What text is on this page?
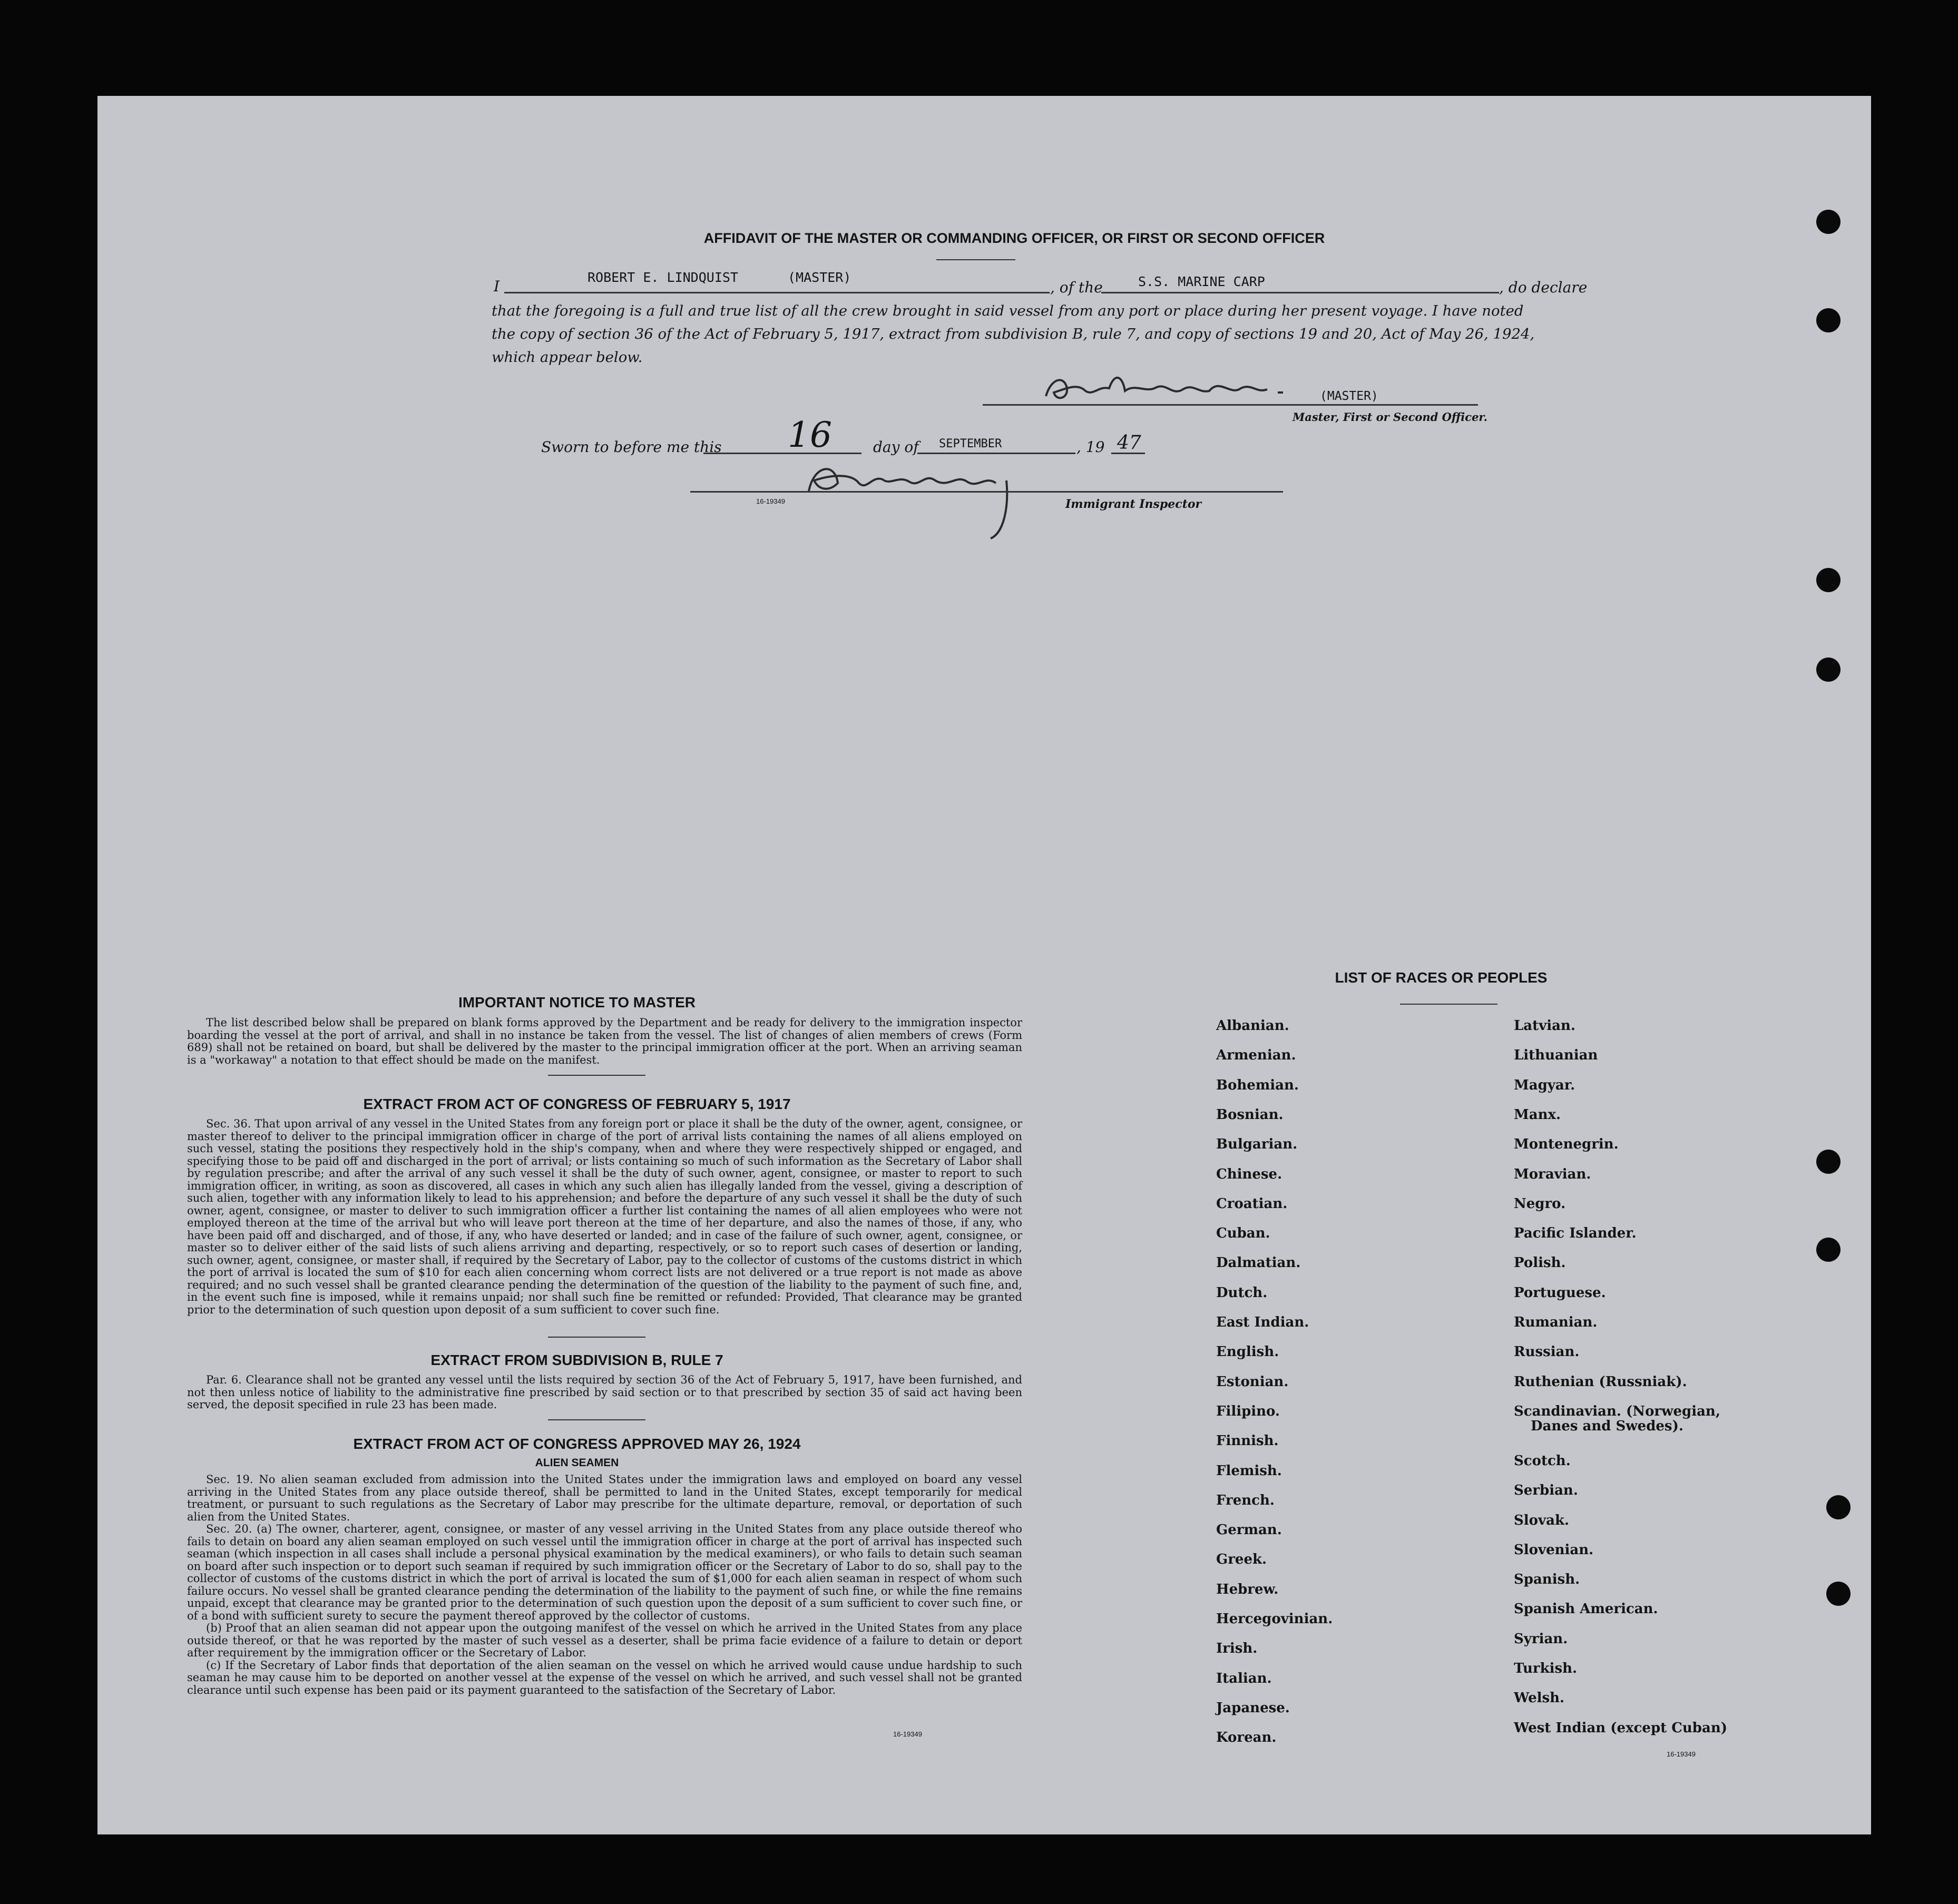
AFFIDAVIT OF THE MASTER OR COMMANDING OFFICER, OR FIRST OR SECOND OFFICER
I
ROBERT E. LINDQUIST	(MASTER)
, of the	S.S. MARINE CARP	, do declare
that the foregoing is a full and true list of all the crew brought in said vessel from any port or place during her present voyage. I have noted
the copy of section 36 of the Act of February 5, 1917, extract from subdivision B, rule 7, and copy of sections 19 and 20, Act of May 26, 1924,
which appear below.
(MASTER)
Master, First or Second Officer.
Sworn to before me this 16	day of SEPTEMBER	, 19 47
16-19349	Immigrant Inspector
IMPORTANT NOTICE TO MASTER

The list described below shall be prepared on blank forms approved by the Department and be ready for delivery to the immigration inspector boarding the vessel at the port of arrival, and shall in no instance be taken from the vessel. The list of changes of alien members of crews (Form 689) shall not be retained on board, but shall be delivered by the master to the principal immigration officer at the port. When an arriving seaman is a "workaway" a notation to that effect should be made on the manifest.

EXTRACT FROM ACT OF CONGRESS OF FEBRUARY 5, 1917

Sec. 36. That upon arrival of any vessel in the United States from any foreign port or place it shall be the duty of the owner, agent, consignee, or master thereof to deliver to the principal immigration officer in charge of the port of arrival lists containing the names of all aliens employed on such vessel, stating the positions they respectively hold in the ship's company, when and where they were respectively shipped or engaged, and specifying those to be paid off and discharged in the port of arrival; or lists containing so much of such information as the Secretary of Labor shall by regulation prescribe; and after the arrival of any such vessel it shall be the duty of such owner, agent, consignee, or master to report to such immigration officer, in writing, as soon as discovered, all cases in which any such alien has illegally landed from the vessel, giving a description of such alien, together with any information likely to lead to his apprehension; and before the departure of any such vessel it shall be the duty of such owner, agent, consignee, or master to deliver to such immigration officer a further list containing the names of all alien employees who were not employed thereon at the time of the arrival but who will leave port thereon at the time of her departure, and also the names of those, if any, who have been paid off and discharged, and of those, if any, who have deserted or landed; and in case of the failure of such owner, agent, consignee, or master so to deliver either of the said lists of such aliens arriving and departing, respectively, or so to report such cases of desertion or landing, such owner, agent, consignee, or master shall, if required by the Secretary of Labor, pay to the collector of customs of the customs district in which the port of arrival is located the sum of $10 for each alien concerning whom correct lists are not delivered or a true report is not made as above required; and no such vessel shall be granted clearance pending the determination of the question of the liability to the payment of such fine, and, in the event such fine is imposed, while it remains unpaid; nor shall such fine be remitted or refunded: Provided, That clearance may be granted prior to the determination of such question upon deposit of a sum sufficient to cover such fine.

EXTRACT FROM SUBDIVISION B, RULE 7

Par. 6. Clearance shall not be granted any vessel until the lists required by section 36 of the Act of February 5, 1917, have been furnished, and not then unless notice of liability to the administrative fine prescribed by said section or to that prescribed by section 35 of said act having been served, the deposit specified in rule 23 has been made.

EXTRACT FROM ACT OF CONGRESS APPROVED MAY 26, 1924
ALIEN SEAMEN

Sec. 19. No alien seaman excluded from admission into the United States under the immigration laws and employed on board any vessel arriving in the United States from any place outside thereof, shall be permitted to land in the United States, except temporarily for medical treatment, or pursuant to such regulations as the Secretary of Labor may prescribe for the ultimate departure, removal, or deportation of such alien from the United States.

Sec. 20. (a) The owner, charterer, agent, consignee, or master of any vessel arriving in the United States from any place outside thereof who fails to detain on board any alien seaman employed on such vessel until the immigration officer in charge at the port of arrival has inspected such seaman (which inspection in all cases shall include a personal physical examination by the medical examiners), or who fails to detain such seaman on board after such inspection or to deport such seaman if required by such immigration officer or the Secretary of Labor to do so, shall pay to the collector of customs of the customs district in which the port of arrival is located the sum of $1,000 for each alien seaman in respect of whom such failure occurs. No vessel shall be granted clearance pending the determination of the liability to the payment of such fine, or while the fine remains unpaid, except that clearance may be granted prior to the determination of such question upon the deposit of a sum sufficient to cover such fine, or of a bond with sufficient surety to secure the payment thereof approved by the collector of customs.

(b) Proof that an alien seaman did not appear upon the outgoing manifest of the vessel on which he arrived in the United States from any place outside thereof, or that he was reported by the master of such vessel as a deserter, shall be prima facie evidence of a failure to detain or deport after requirement by the immigration officer or the Secretary of Labor.

(c) If the Secretary of Labor finds that deportation of the alien seaman on the vessel on which he arrived would cause undue hardship to such seaman he may cause him to be deported on another vessel at the expense of the vessel on which he arrived, and such vessel shall not be granted clearance until such expense has been paid or its payment guaranteed to the satisfaction of the Secretary of Labor.

16-19349
LIST OF RACES OR PEOPLES
Albanian.
Armenian.
Bohemian.
Bosnian.
Bulgarian.
Chinese.
Croatian.
Cuban.
Dalmatian.
Dutch.
East Indian.
English.
Estonian.
Filipino.
Finnish.
Flemish.
French.
German.
Greek.
Hebrew.
Hercegovinian.
Irish.
Italian.
Japanese.
Korean.
Latvian.
Lithuanian
Magyar.
Manx.
Montenegrin.
Moravian.
Negro.
Pacific Islander.
Polish.
Portuguese.
Rumanian.
Russian.
Ruthenian (Russniak).
Scandinavian. (Norwegian,
Danes and Swedes).
Scotch.
Serbian.
Slovak.
Slovenian.
Spanish.
Spanish American.
Syrian.
Turkish.
Welsh.
West Indian (except Cuban)
16-19349
